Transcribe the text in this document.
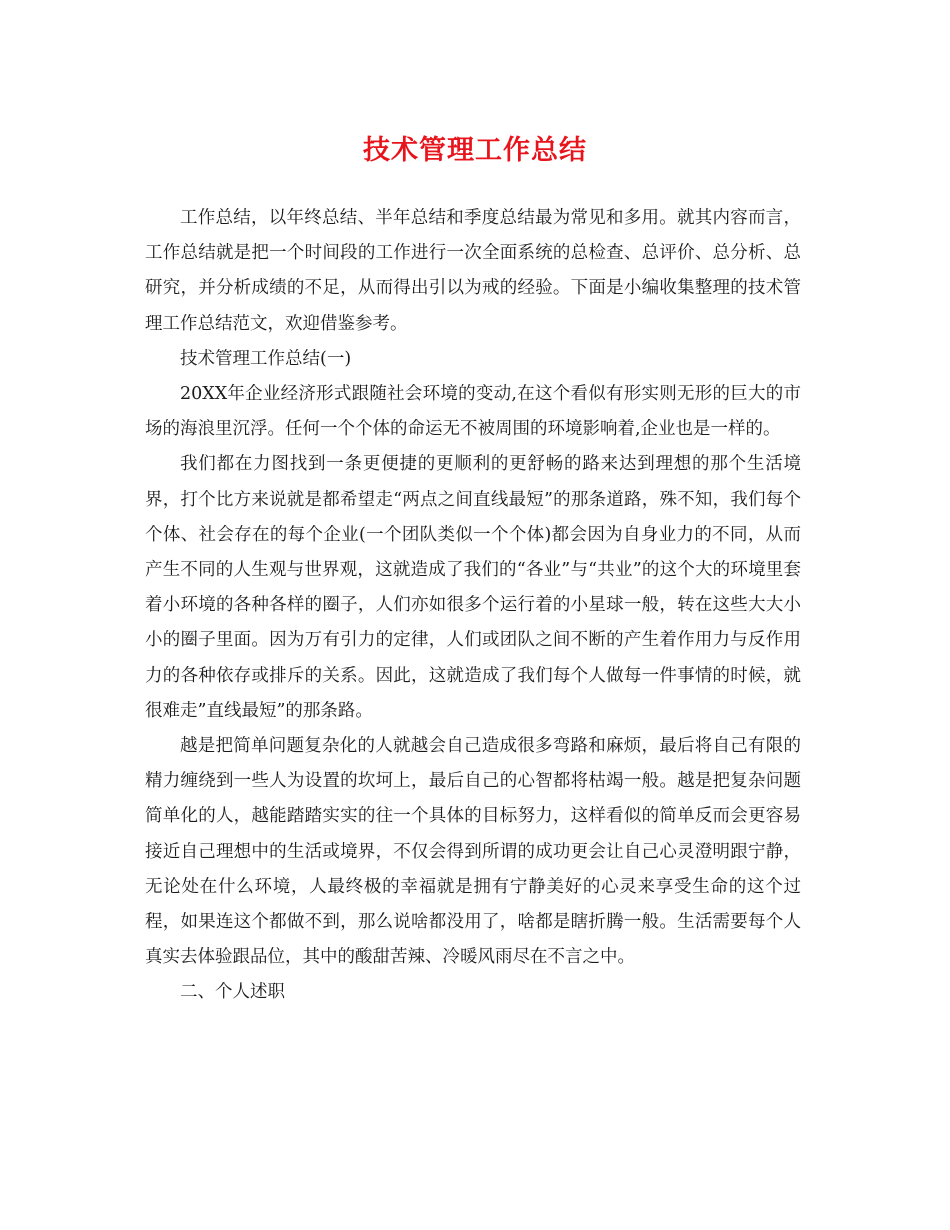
技术管理工作总结

工作总结，以年终总结、半年总结和季度总结最为常见和多用。就其内容而言，工作总结就是把一个时间段的工作进行一次全面系统的总检查、总评价、总分析、总研究，并分析成绩的不足，从而得出引以为戒的经验。下面是小编收集整理的技术管理工作总结范文，欢迎借鉴参考。

技术管理工作总结(一)

20XX年企业经济形式跟随社会环境的变动,在这个看似有形实则无形的巨大的市场的海浪里沉浮。任何一个个体的命运无不被周围的环境影响着,企业也是一样的。

我们都在力图找到一条更便捷的更顺利的更舒畅的路来达到理想的那个生活境界，打个比方来说就是都希望走“两点之间直线最短”的那条道路，殊不知，我们每个个体、社会存在的每个企业(一个团队类似一个个体)都会因为自身业力的不同，从而产生不同的人生观与世界观，这就造成了我们的“各业”与“共业”的这个大的环境里套着小环境的各种各样的圈子，人们亦如很多个运行着的小星球一般，转在这些大大小小的圈子里面。因为万有引力的定律，人们或团队之间不断的产生着作用力与反作用力的各种依存或排斥的关系。因此，这就造成了我们每个人做每一件事情的时候，就很难走”直线最短”的那条路。

越是把简单问题复杂化的人就越会自己造成很多弯路和麻烦，最后将自己有限的精力缠绕到一些人为设置的坎坷上，最后自己的心智都将枯竭一般。越是把复杂问题简单化的人，越能踏踏实实的往一个具体的目标努力，这样看似的简单反而会更容易接近自己理想中的生活或境界，不仅会得到所谓的成功更会让自己心灵澄明跟宁静，无论处在什么环境，人最终极的幸福就是拥有宁静美好的心灵来享受生命的这个过程，如果连这个都做不到，那么说啥都没用了，啥都是瞎折腾一般。生活需要每个人真实去体验跟品位，其中的酸甜苦辣、冷暖风雨尽在不言之中。

二、个人述职
